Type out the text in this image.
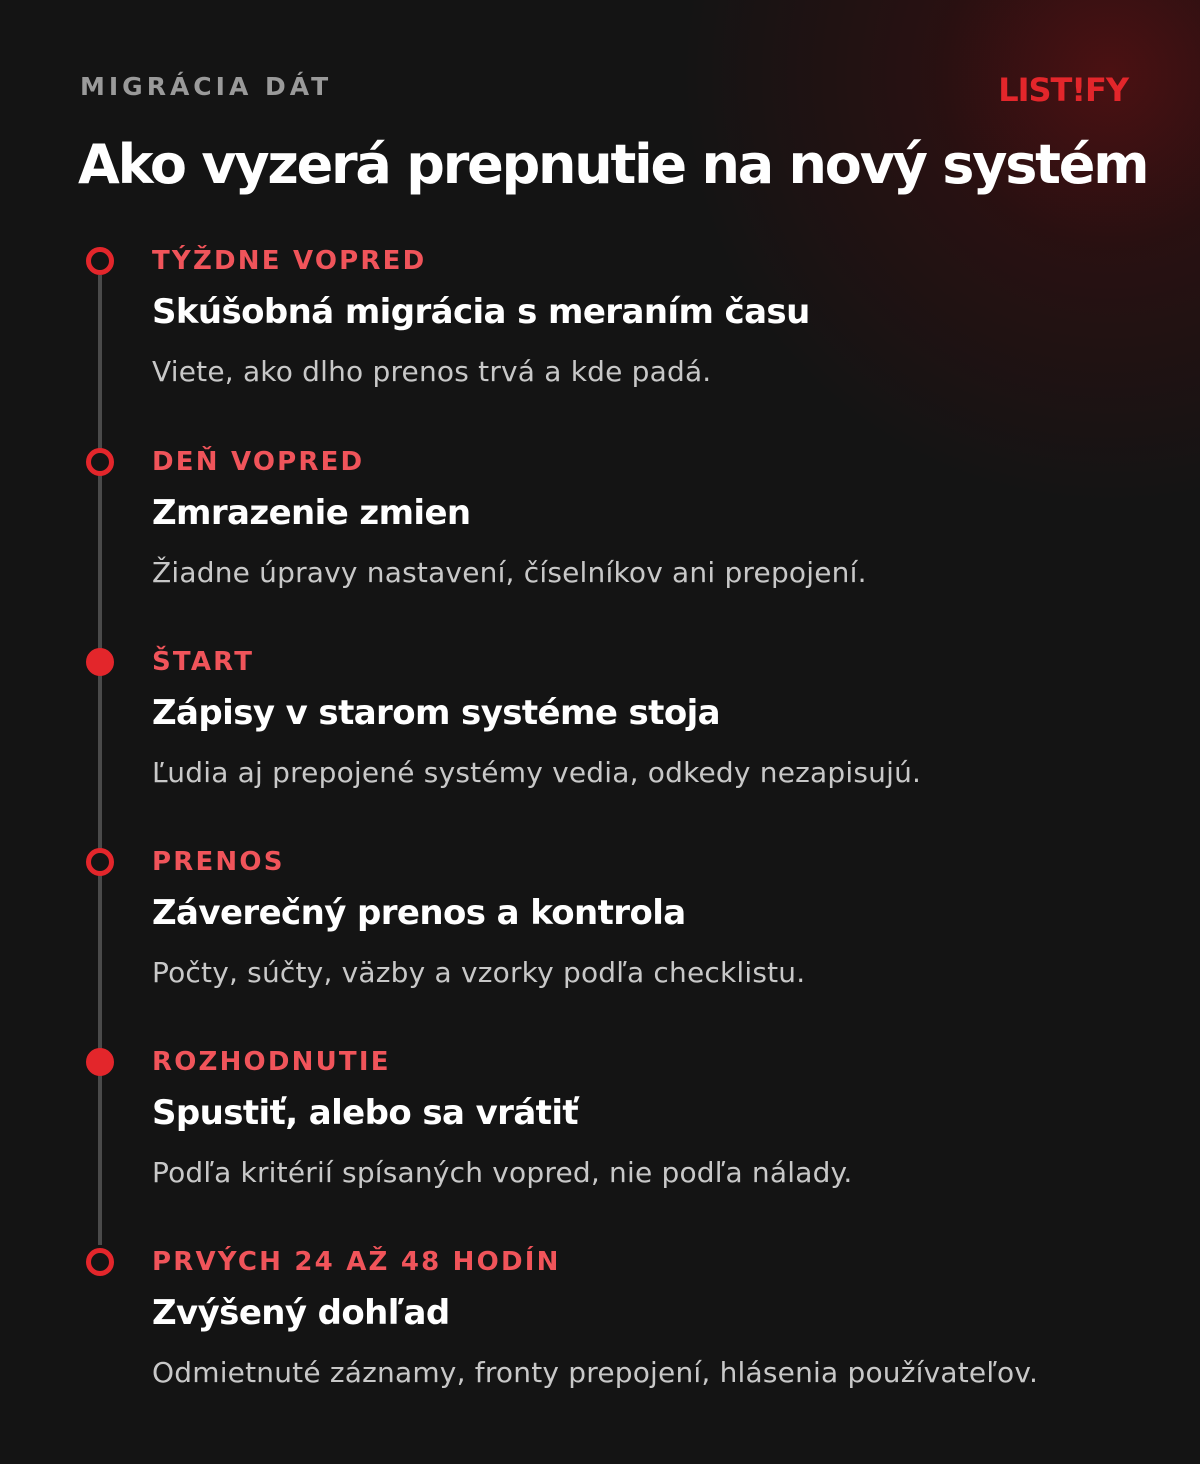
MIGRÁCIA DÁT	LIST!FY
Ako vyzerá prepnutie na nový systém
TÝŽDNE VOPRED
Skúšobná migrácia s meraním času
Viete, ako dlho prenos trvá a kde padá.
DEŇ VOPRED
Zmrazenie zmien
Žiadne úpravy nastavení, číselníkov ani prepojení.
ŠTART
Zápisy v starom systéme stoja
Ľudia aj prepojené systémy vedia, odkedy nezapisujú.
PRENOS
Záverečný prenos a kontrola
Počty, súčty, väzby a vzorky podľa checklistu.
ROZHODNUTIE
Spustiť, alebo sa vrátiť
Podľa kritérií spísaných vopred, nie podľa nálady.
PRVÝCH 24 AŽ 48 HODÍN
Zvýšený dohľad
Odmietnuté záznamy, fronty prepojení, hlásenia používateľov.
